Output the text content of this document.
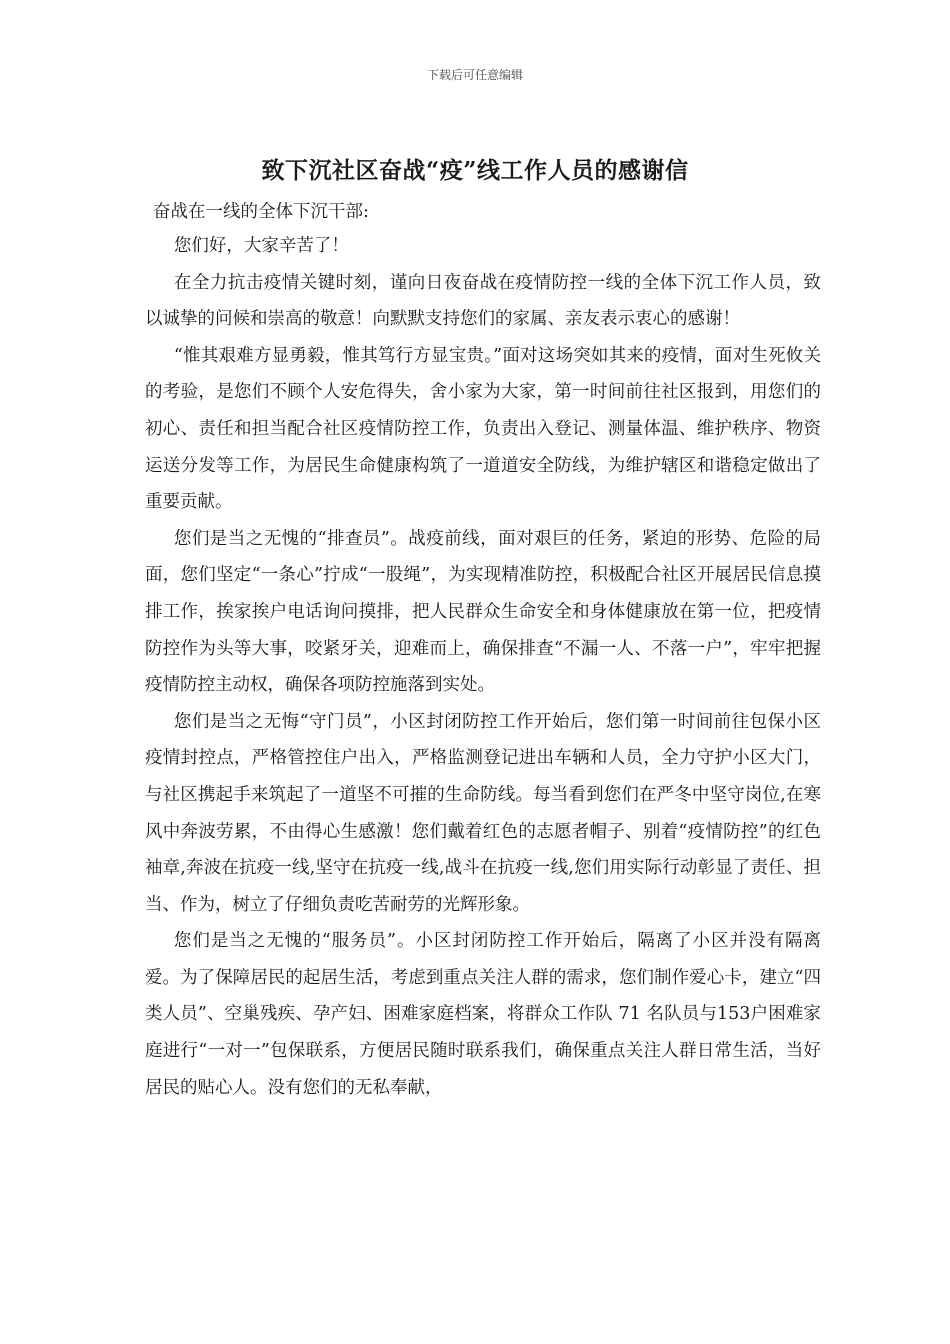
下载后可任意编辑
致下沉社区奋战“疫”线工作人员的感谢信
奋战在一线的全体下沉干部:

您们好，大家辛苦了！

在全力抗击疫情关键时刻，谨向日夜奋战在疫情防控一线的全体下沉工作人员，致以诚挚的问候和崇高的敬意！向默默支持您们的家属、亲友表示衷心的感谢！

“惟其艰难方显勇毅，惟其笃行方显宝贵。”面对这场突如其来的疫情，面对生死攸关的考验，是您们不顾个人安危得失，舍小家为大家，第一时间前往社区报到，用您们的初心、责任和担当配合社区疫情防控工作，负责出入登记、测量体温、维护秩序、物资运送分发等工作，为居民生命健康构筑了一道道安全防线，为维护辖区和谐稳定做出了重要贡献。

您们是当之无愧的“排查员”。战疫前线，面对艰巨的任务，紧迫的形势、危险的局面，您们坚定“一条心”拧成“一股绳”，为实现精准防控，积极配合社区开展居民信息摸排工作，挨家挨户电话询问摸排，把人民群众生命安全和身体健康放在第一位，把疫情防控作为头等大事，咬紧牙关，迎难而上，确保排查“不漏一人、不落一户”，牢牢把握疫情防控主动权，确保各项防控施落到实处。

您们是当之无悔“守门员”，小区封闭防控工作开始后，您们第一时间前往包保小区疫情封控点，严格管控住户出入，严格监测登记进出车辆和人员，全力守护小区大门，与社区携起手来筑起了一道坚不可摧的生命防线。每当看到您们在严冬中坚守岗位,在寒风中奔波劳累，不由得心生感激！您们戴着红色的志愿者帽子、别着“疫情防控”的红色袖章,奔波在抗疫一线,坚守在抗疫一线,战斗在抗疫一线,您们用实际行动彰显了责任、担当、作为，树立了仔细负责吃苦耐劳的光辉形象。

您们是当之无愧的“服务员”。小区封闭防控工作开始后，隔离了小区并没有隔离爱。为了保障居民的起居生活，考虑到重点关注人群的需求，您们制作爱心卡，建立“四类人员”、空巢残疾、孕产妇、困难家庭档案，将群众工作队 71 名队员与153户困难家庭进行“一对一”包保联系，方便居民随时联系我们，确保重点关注人群日常生活，当好居民的贴心人。没有您们的无私奉献，
